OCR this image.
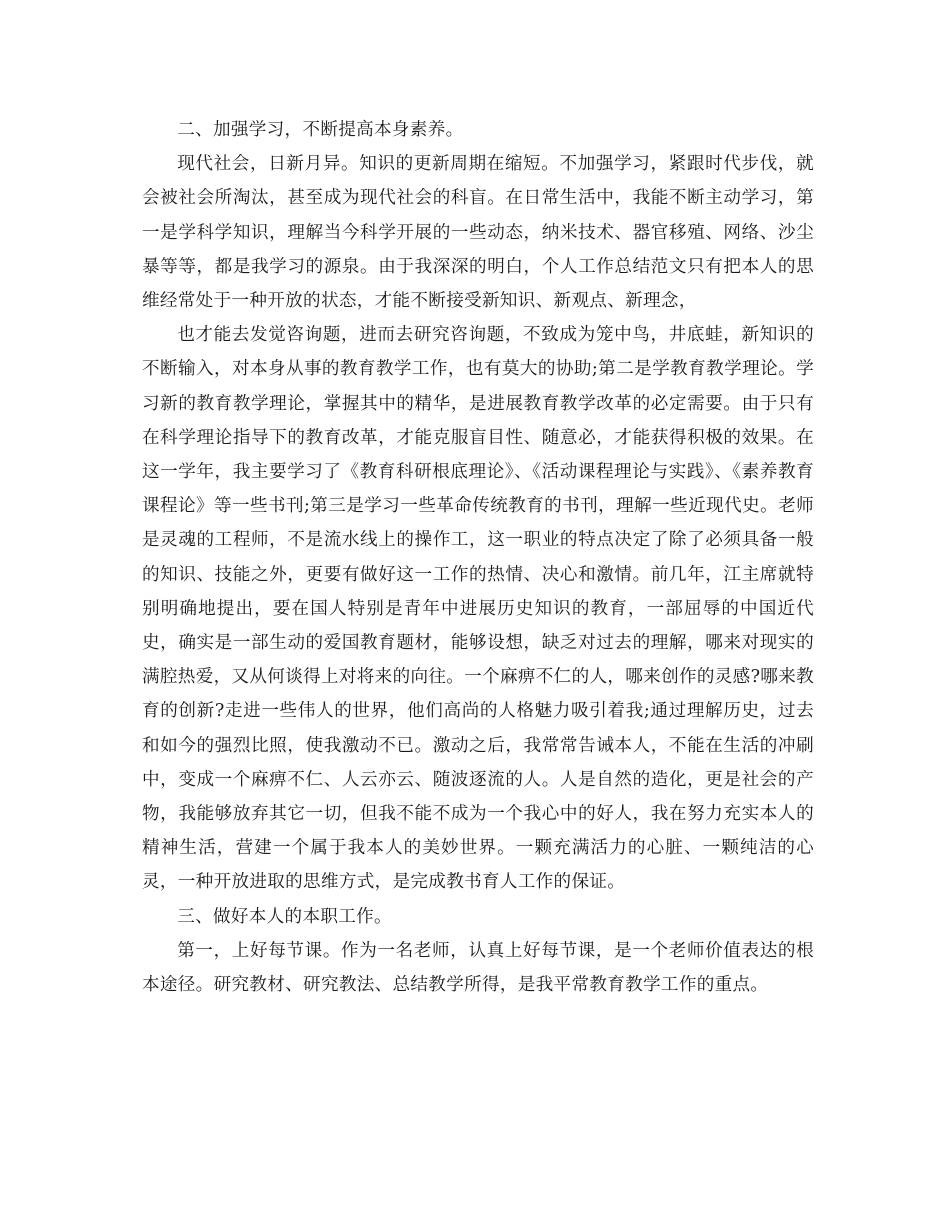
二、加强学习，不断提高本身素养。

现代社会，日新月异。知识的更新周期在缩短。不加强学习，紧跟时代步伐，就会被社会所淘汰，甚至成为现代社会的科盲。在日常生活中，我能不断主动学习，第一是学科学知识，理解当今科学开展的一些动态，纳米技术、器官移殖、网络、沙尘暴等等，都是我学习的源泉。由于我深深的明白，个人工作总结范文只有把本人的思维经常处于一种开放的状态，才能不断接受新知识、新观点、新理念，

也才能去发觉咨询题，进而去研究咨询题，不致成为笼中鸟，井底蛙，新知识的不断输入，对本身从事的教育教学工作，也有莫大的协助;第二是学教育教学理论。学习新的教育教学理论，掌握其中的精华，是进展教育教学改革的必定需要。由于只有在科学理论指导下的教育改革，才能克服盲目性、随意必，才能获得积极的效果。在这一学年，我主要学习了《教育科研根底理论》、《活动课程理论与实践》、《素养教育课程论》等一些书刊;第三是学习一些革命传统教育的书刊，理解一些近现代史。老师是灵魂的工程师，不是流水线上的操作工，这一职业的特点决定了除了必须具备一般的知识、技能之外，更要有做好这一工作的热情、决心和激情。前几年，江主席就特别明确地提出，要在国人特别是青年中进展历史知识的教育，一部屈辱的中国近代史，确实是一部生动的爱国教育题材，能够设想，缺乏对过去的理解，哪来对现实的满腔热爱，又从何谈得上对将来的向往。一个麻痹不仁的人，哪来创作的灵感?哪来教育的创新?走进一些伟人的世界，他们高尚的人格魅力吸引着我;通过理解历史，过去和如今的强烈比照，使我激动不已。激动之后，我常常告诫本人，不能在生活的冲刷中，变成一个麻痹不仁、人云亦云、随波逐流的人。人是自然的造化，更是社会的产物，我能够放弃其它一切，但我不能不成为一个我心中的好人，我在努力充实本人的精神生活，营建一个属于我本人的美妙世界。一颗充满活力的心脏、一颗纯洁的心灵，一种开放进取的思维方式，是完成教书育人工作的保证。

三、做好本人的本职工作。

第一，上好每节课。作为一名老师，认真上好每节课，是一个老师价值表达的根本途径。研究教材、研究教法、总结教学所得，是我平常教育教学工作的重点。
